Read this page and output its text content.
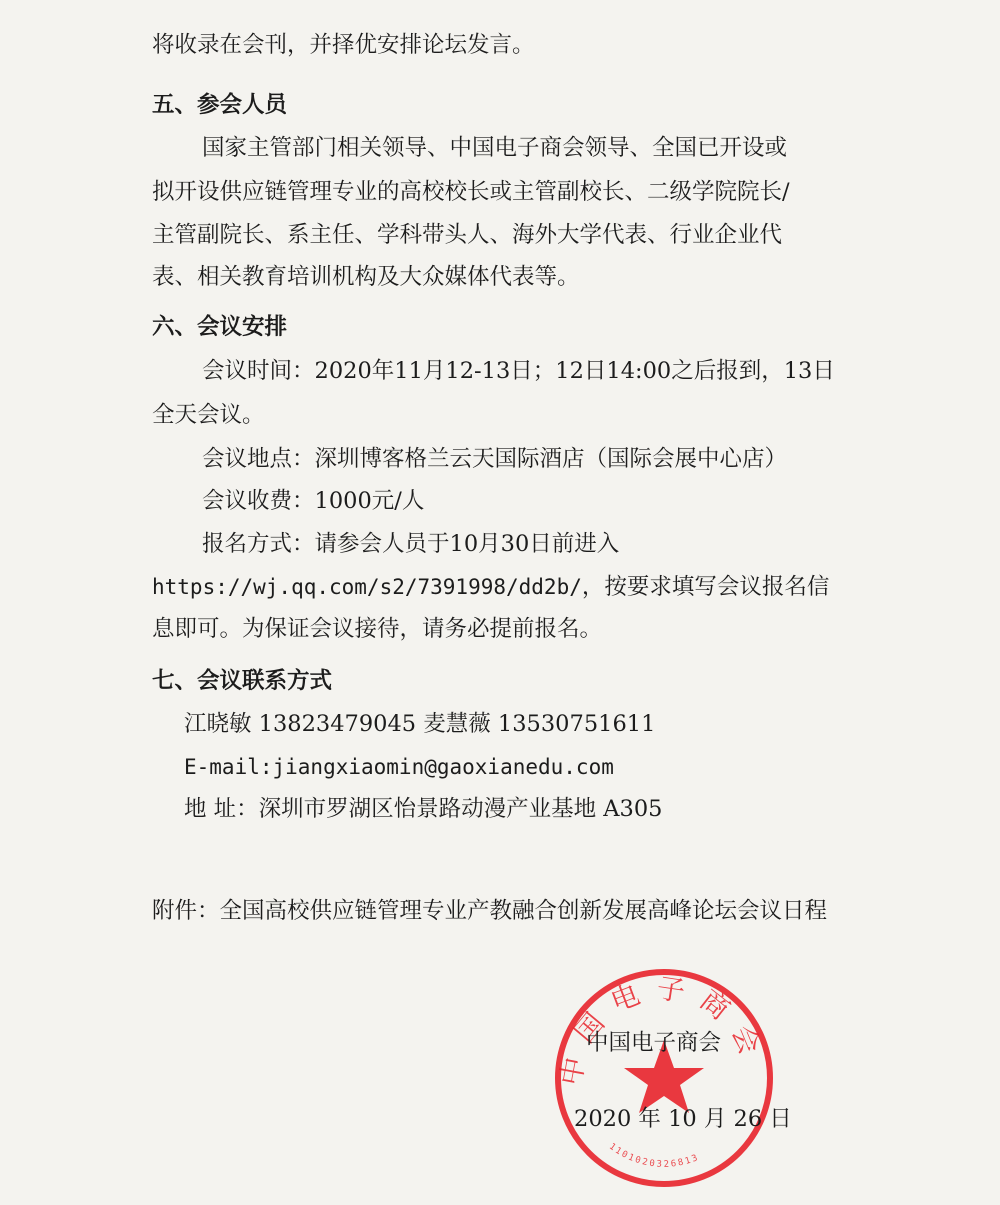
将收录在会刊，并择优安排论坛发言。
五、参会人员
国家主管部门相关领导、中国电子商会领导、全国已开设或
拟开设供应链管理专业的高校校长或主管副校长、二级学院院长/
主管副院长、系主任、学科带头人、海外大学代表、行业企业代
表、相关教育培训机构及大众媒体代表等。
六、会议安排
会议时间：2020年11月12-13日；12日14:00之后报到，13日
全天会议。
会议地点：深圳博客格兰云天国际酒店（国际会展中心店）
会议收费：1000元/人
报名方式：请参会人员于10月30日前进入
https://wj.qq.com/s2/7391998/dd2b/，按要求填写会议报名信
息即可。为保证会议接待，请务必提前报名。
七、会议联系方式
江晓敏 13823479045 麦慧薇 13530751611
E-mail:jiangxiaomin@gaoxianedu.com
地 址：深圳市罗湖区怡景路动漫产业基地 A305
附件：全国高校供应链管理专业产教融合创新发展高峰论坛会议日程
中国电子商会
1101020326813
中国电子商会
2020 年 10 月 26 日
